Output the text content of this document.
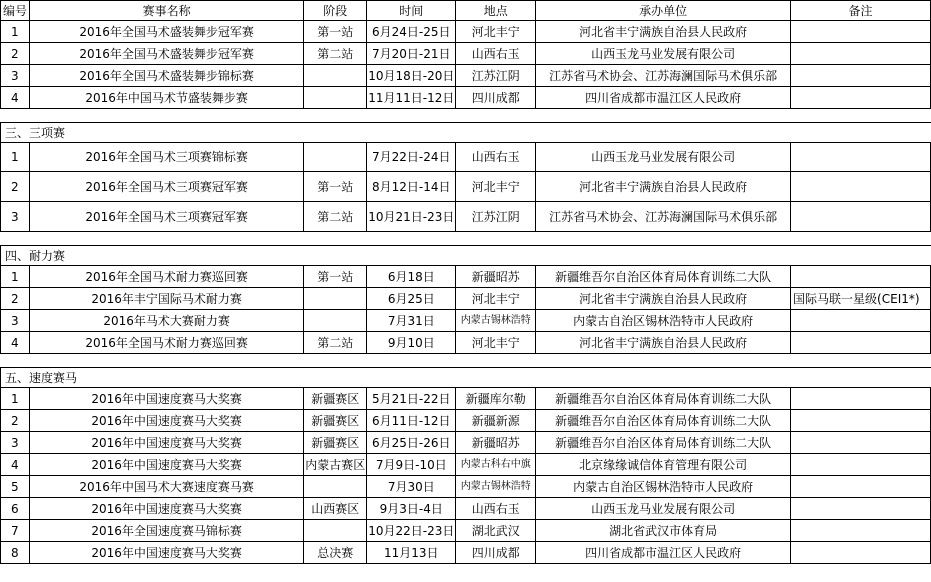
编号	赛事名称	阶段	时间	地点	承办单位	备注
1	2016年全国马术盛装舞步冠军赛	第一站	6月24日-25日	河北丰宁	河北省丰宁满族自治县人民政府	
2	2016年全国马术盛装舞步冠军赛	第二站	7月20日-21日	山西右玉	山西玉龙马业发展有限公司	
3	2016年全国马术盛装舞步锦标赛		10月18日-20日	江苏江阴	江苏省马术协会、江苏海澜国际马术俱乐部	
4	2016年中国马术节盛装舞步赛		11月11日-12日	四川成都	四川省成都市温江区人民政府	

三、三项赛						
1	2016年全国马术三项赛锦标赛		7月22日-24日	山西右玉	山西玉龙马业发展有限公司	
2	2016年全国马术三项赛冠军赛	第一站	8月12日-14日	河北丰宁	河北省丰宁满族自治县人民政府	
3	2016年全国马术三项赛冠军赛	第二站	10月21日-23日	江苏江阴	江苏省马术协会、江苏海澜国际马术俱乐部	

四、耐力赛						
1	2016年全国马术耐力赛巡回赛	第一站	6月18日	新疆昭苏	新疆维吾尔自治区体育局体育训练二大队	
2	2016年丰宁国际马术耐力赛		6月25日	河北丰宁	河北省丰宁满族自治县人民政府	国际马联一星级(CEI1*)
3	2016年马术大赛耐力赛		7月31日	内蒙古锡林浩特	内蒙古自治区锡林浩特市人民政府	
4	2016年全国马术耐力赛巡回赛	第二站	9月10日	河北丰宁	河北省丰宁满族自治县人民政府	

五、速度赛马						
1	2016年中国速度赛马大奖赛	新疆赛区	5月21日-22日	新疆库尔勒	新疆维吾尔自治区体育局体育训练二大队	
2	2016年中国速度赛马大奖赛	新疆赛区	6月11日-12日	新疆新源	新疆维吾尔自治区体育局体育训练二大队	
3	2016年中国速度赛马大奖赛	新疆赛区	6月25日-26日	新疆昭苏	新疆维吾尔自治区体育局体育训练二大队	
4	2016年中国速度赛马大奖赛	内蒙古赛区	7月9日-10日	内蒙古科右中旗	北京缘缘诚信体育管理有限公司	
5	2016年中国马术大赛速度赛马赛		7月30日	内蒙古锡林浩特	内蒙古自治区锡林浩特市人民政府	
6	2016年中国速度赛马大奖赛	山西赛区	9月3日-4日	山西右玉	山西玉龙马业发展有限公司	
7	2016年全国速度赛马锦标赛		10月22日-23日	湖北武汉	湖北省武汉市体育局	
8	2016年中国速度赛马大奖赛	总决赛	11月13日	四川成都	四川省成都市温江区人民政府	
